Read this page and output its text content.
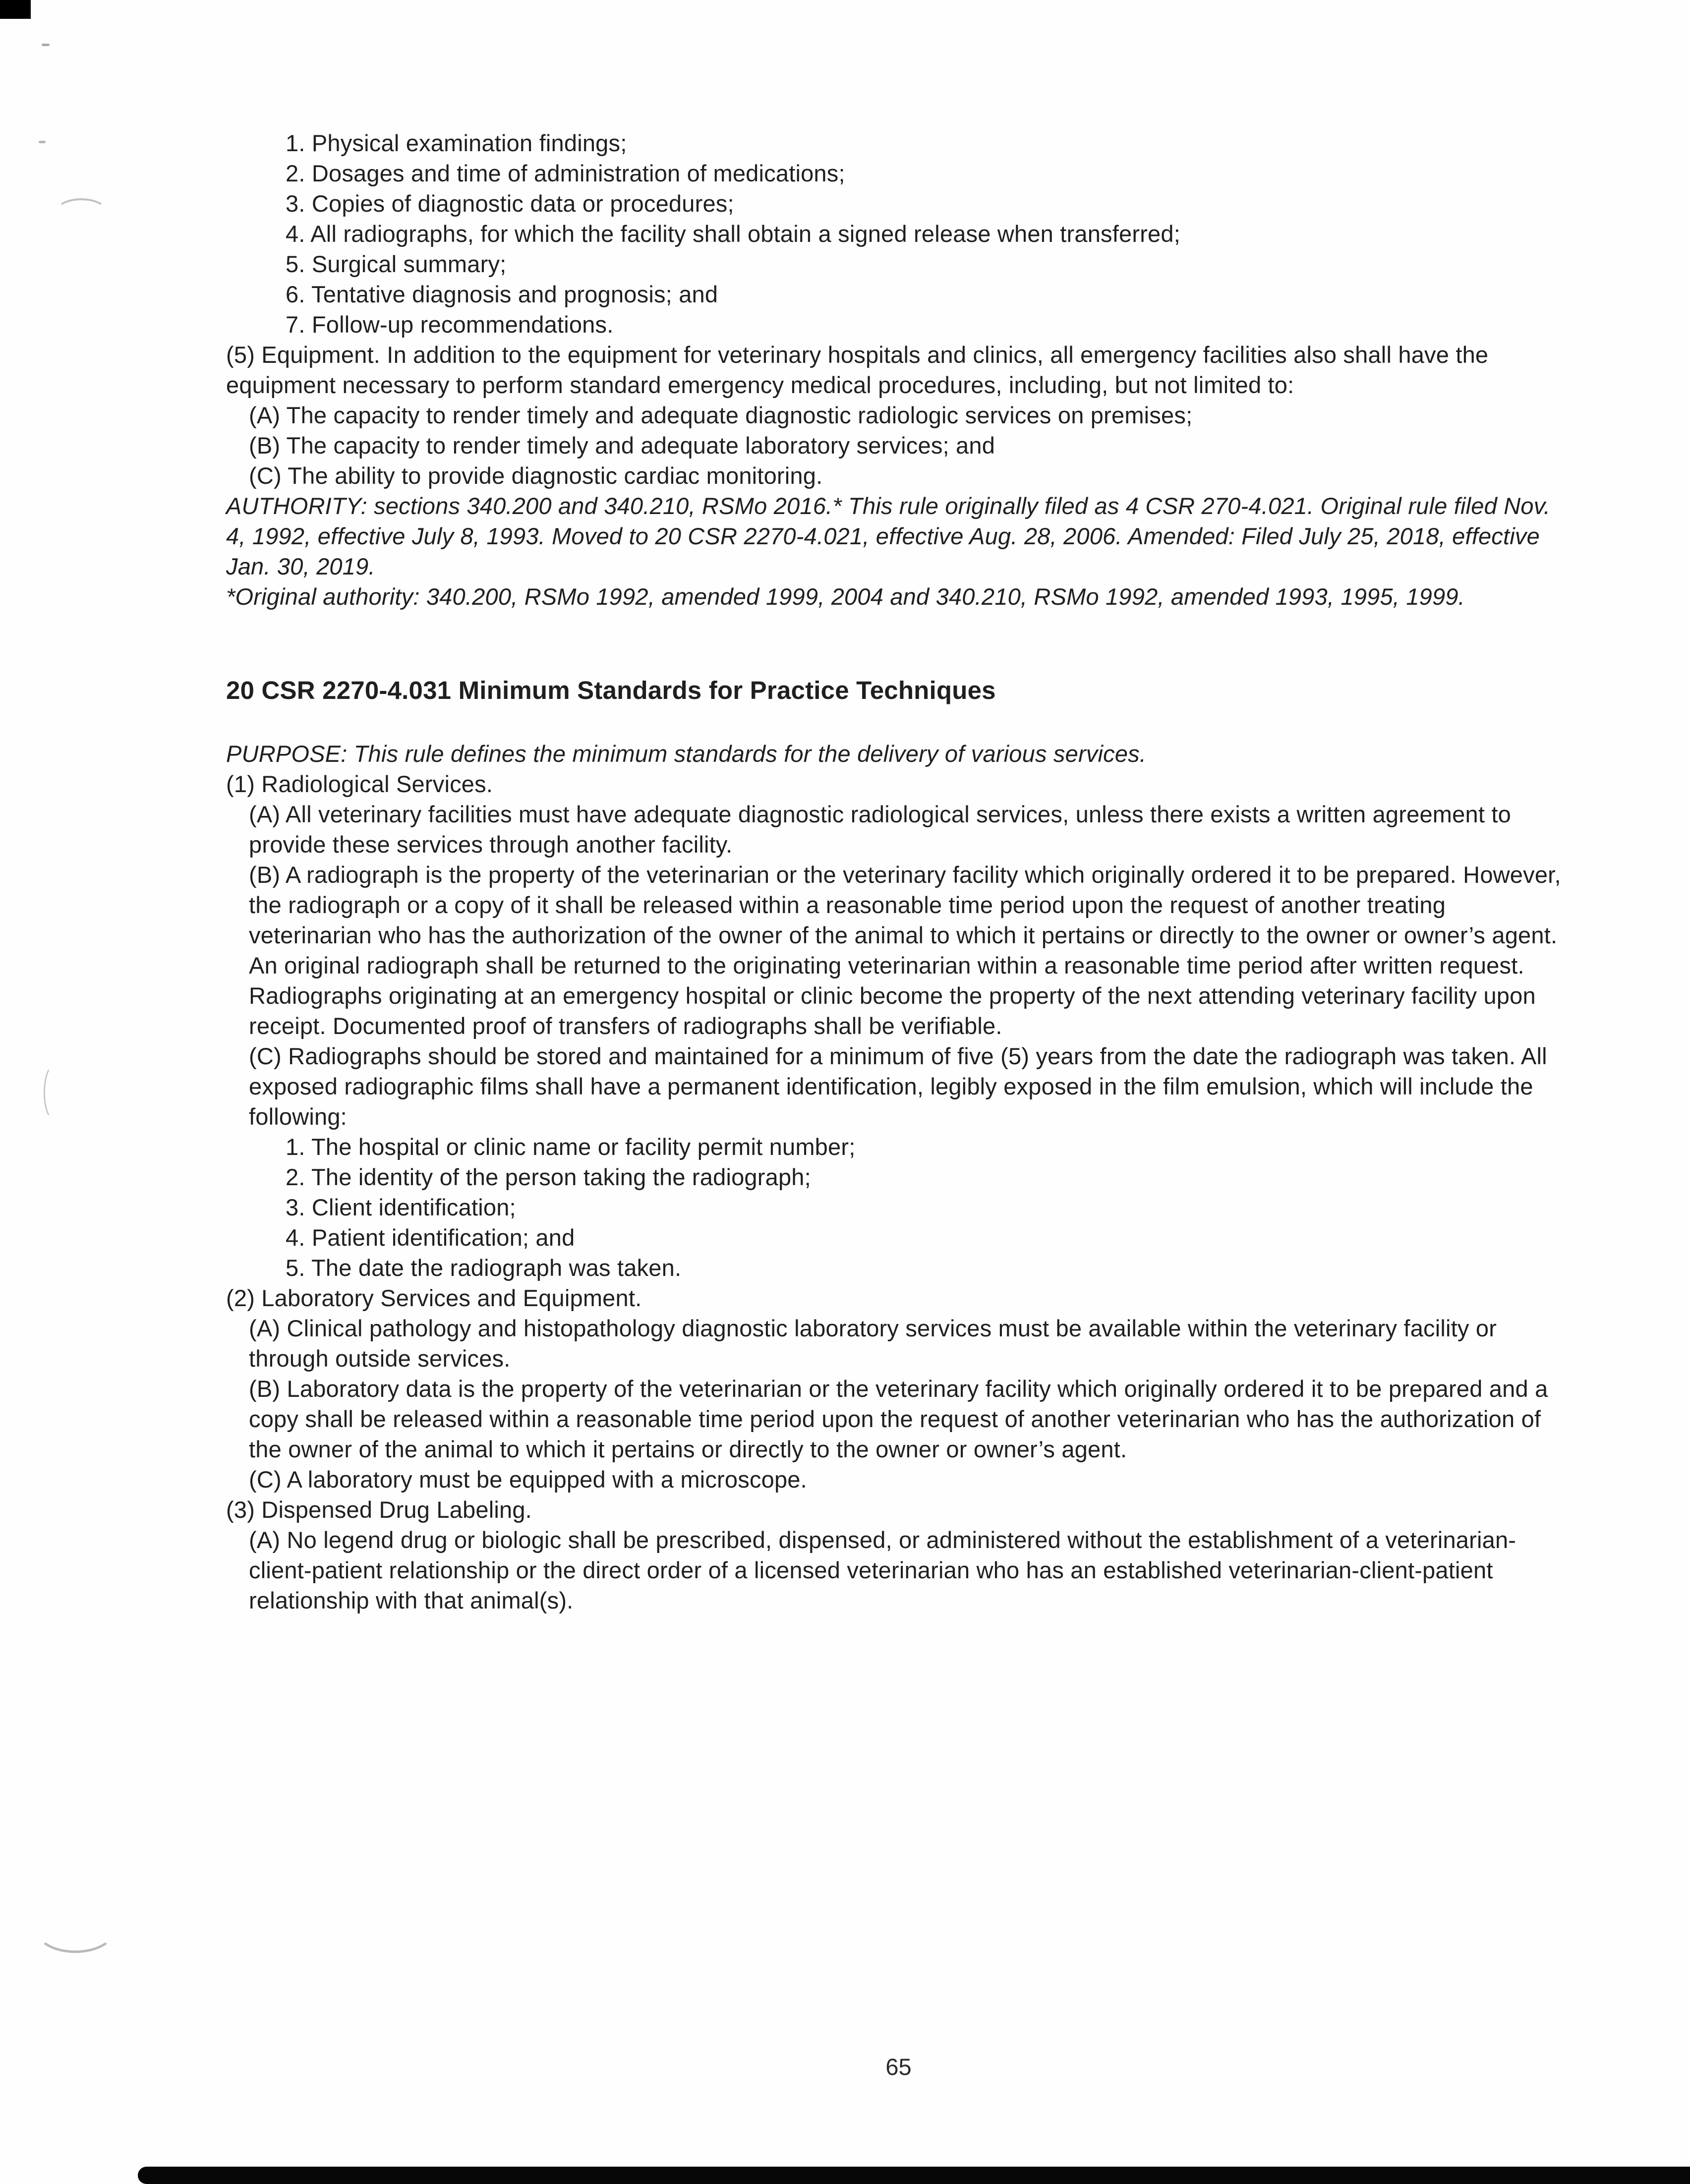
1. Physical examination findings;

2. Dosages and time of administration of medications;

3. Copies of diagnostic data or procedures;

4. All radiographs, for which the facility shall obtain a signed release when transferred;

5. Surgical summary;

6. Tentative diagnosis and prognosis; and

7. Follow-up recommendations.

(5) Equipment. In addition to the equipment for veterinary hospitals and clinics, all emergency facilities also shall have the equipment necessary to perform standard emergency medical procedures, including, but not limited to:

(A) The capacity to render timely and adequate diagnostic radiologic services on premises;

(B) The capacity to render timely and adequate laboratory services; and

(C) The ability to provide diagnostic cardiac monitoring.

AUTHORITY: sections 340.200 and 340.210, RSMo 2016.* This rule originally filed as 4 CSR 270-4.021. Original rule filed Nov. 4, 1992, effective July 8, 1993. Moved to 20 CSR 2270-4.021, effective Aug. 28, 2006. Amended: Filed July 25, 2018, effective Jan. 30, 2019.

*Original authority: 340.200, RSMo 1992, amended 1999, 2004 and 340.210, RSMo 1992, amended 1993, 1995, 1999.

20 CSR 2270-4.031 Minimum Standards for Practice Techniques

PURPOSE: This rule defines the minimum standards for the delivery of various services.

(1) Radiological Services.

(A) All veterinary facilities must have adequate diagnostic radiological services, unless there exists a written agreement to provide these services through another facility.

(B) A radiograph is the property of the veterinarian or the veterinary facility which originally ordered it to be prepared. However, the radiograph or a copy of it shall be released within a reasonable time period upon the request of another treating veterinarian who has the authorization of the owner of the animal to which it pertains or directly to the owner or owner’s agent. An original radiograph shall be returned to the originating veterinarian within a reasonable time period after written request. Radiographs originating at an emergency hospital or clinic become the property of the next attending veterinary facility upon receipt. Documented proof of transfers of radiographs shall be verifiable.

(C) Radiographs should be stored and maintained for a minimum of five (5) years from the date the radiograph was taken. All exposed radiographic films shall have a permanent identification, legibly exposed in the film emulsion, which will include the following:

1. The hospital or clinic name or facility permit number;

2. The identity of the person taking the radiograph;

3. Client identification;

4. Patient identification; and

5. The date the radiograph was taken.

(2) Laboratory Services and Equipment.

(A) Clinical pathology and histopathology diagnostic laboratory services must be available within the veterinary facility or through outside services.

(B) Laboratory data is the property of the veterinarian or the veterinary facility which originally ordered it to be prepared and a copy shall be released within a reasonable time period upon the request of another veterinarian who has the authorization of the owner of the animal to which it pertains or directly to the owner or owner’s agent.

(C) A laboratory must be equipped with a microscope.

(3) Dispensed Drug Labeling.

(A) No legend drug or biologic shall be prescribed, dispensed, or administered without the establishment of a veterinarian-client-patient relationship or the direct order of a licensed veterinarian who has an established veterinarian-client-patient relationship with that animal(s).

65
